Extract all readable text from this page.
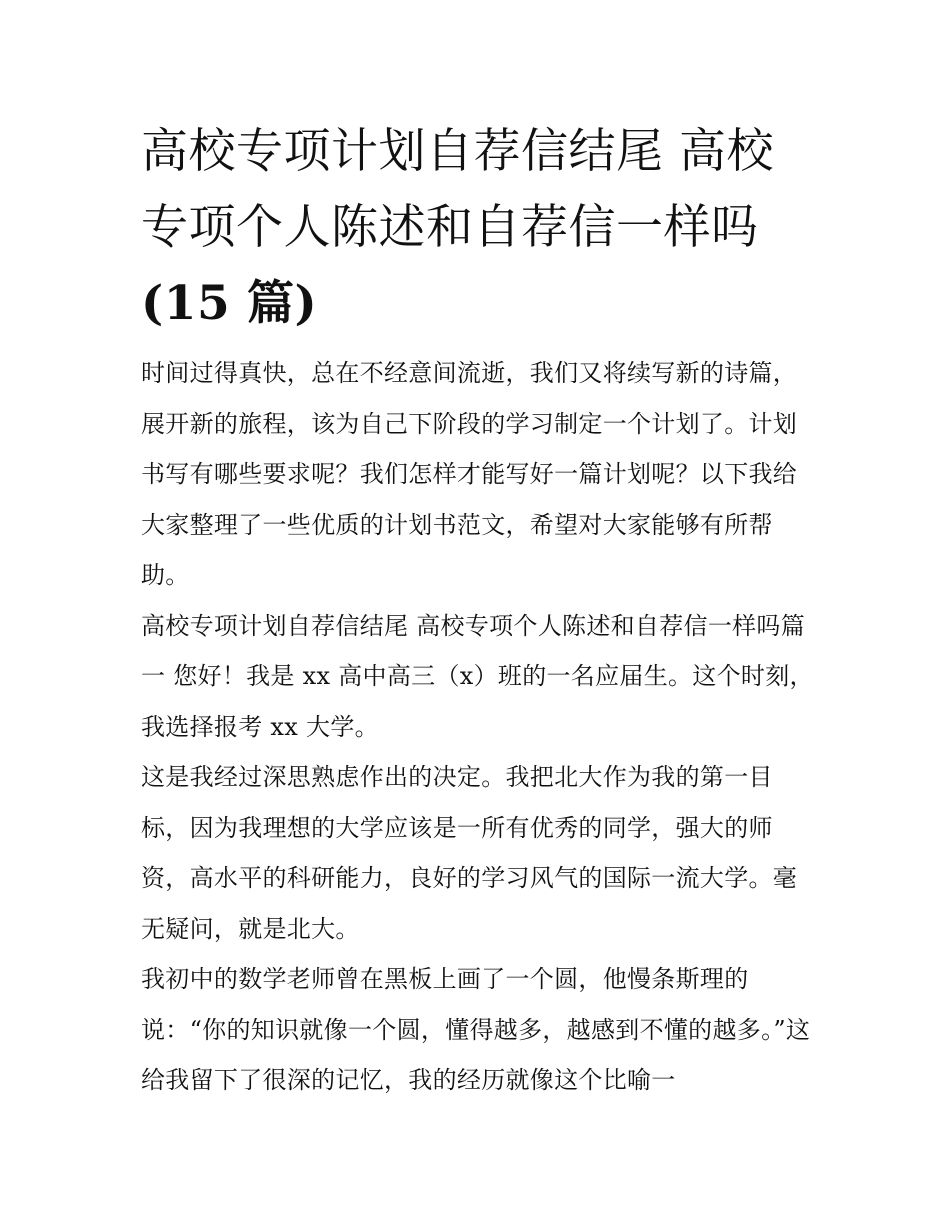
高校专项计划自荐信结尾 高校
专项个人陈述和自荐信一样吗
(15 篇)

时间过得真快，总在不经意间流逝，我们又将续写新的诗篇，展开新的旅程，该为自己下阶段的学习制定一个计划了。计划书写有哪些要求呢？我们怎样才能写好一篇计划呢？以下我给大家整理了一些优质的计划书范文，希望对大家能够有所帮助。

高校专项计划自荐信结尾 高校专项个人陈述和自荐信一样吗篇一 您好！我是 xx 高中高三（x）班的一名应届生。这个时刻，我选择报考 xx 大学。

这是我经过深思熟虑作出的决定。我把北大作为我的第一目标，因为我理想的大学应该是一所有优秀的同学，强大的师资，高水平的科研能力，良好的学习风气的国际一流大学。毫无疑问，就是北大。

我初中的数学老师曾在黑板上画了一个圆，他慢条斯理的说：“你的知识就像一个圆，懂得越多，越感到不懂的越多。”这给我留下了很深的记忆，我的经历就像这个比喻一
